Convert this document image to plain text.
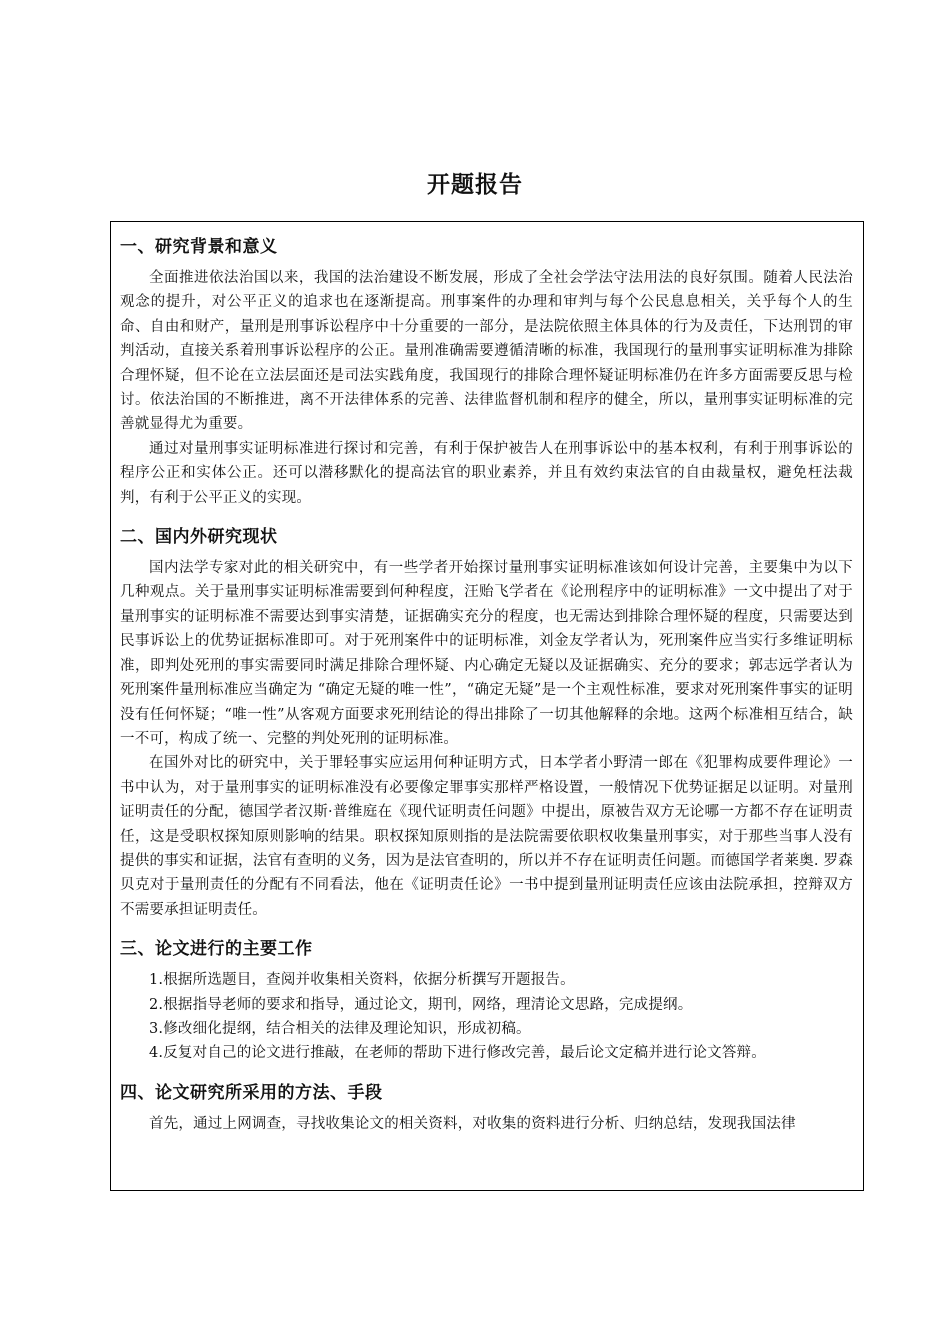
开题报告
一、研究背景和意义

全面推进依法治国以来，我国的法治建设不断发展，形成了全社会学法守法用法的良好氛围。随着人民法治观念的提升，对公平正义的追求也在逐渐提高。刑事案件的办理和审判与每个公民息息相关，关乎每个人的生命、自由和财产，量刑是刑事诉讼程序中十分重要的一部分，是法院依照主体具体的行为及责任，下达刑罚的审判活动，直接关系着刑事诉讼程序的公正。量刑准确需要遵循清晰的标准，我国现行的量刑事实证明标准为排除合理怀疑，但不论在立法层面还是司法实践角度，我国现行的排除合理怀疑证明标准仍在许多方面需要反思与检讨。依法治国的不断推进，离不开法律体系的完善、法律监督机制和程序的健全，所以，量刑事实证明标准的完善就显得尤为重要。

通过对量刑事实证明标准进行探讨和完善，有利于保护被告人在刑事诉讼中的基本权利，有利于刑事诉讼的程序公正和实体公正。还可以潜移默化的提高法官的职业素养，并且有效约束法官的自由裁量权，避免枉法裁判，有利于公平正义的实现。

二、国内外研究现状

国内法学专家对此的相关研究中，有一些学者开始探讨量刑事实证明标准该如何设计完善，主要集中为以下几种观点。关于量刑事实证明标准需要到何种程度，汪贻飞学者在《论刑程序中的证明标准》一文中提出了对于量刑事实的证明标准不需要达到事实清楚，证据确实充分的程度，也无需达到排除合理怀疑的程度，只需要达到民事诉讼上的优势证据标准即可。对于死刑案件中的证明标准，刘金友学者认为，死刑案件应当实行多维证明标准，即判处死刑的事实需要同时满足排除合理怀疑、内心确定无疑以及证据确实、充分的要求；郭志远学者认为死刑案件量刑标准应当确定为 “确定无疑的唯一性”，“确定无疑”是一个主观性标准，要求对死刑案件事实的证明没有任何怀疑；“唯一性”从客观方面要求死刑结论的得出排除了一切其他解释的余地。这两个标准相互结合，缺一不可，构成了统一、完整的判处死刑的证明标准。

在国外对比的研究中，关于罪轻事实应运用何种证明方式，日本学者小野清一郎在《犯罪构成要件理论》一书中认为，对于量刑事实的证明标准没有必要像定罪事实那样严格设置，一般情况下优势证据足以证明。对量刑证明责任的分配，德国学者汉斯·普维庭在《现代证明责任问题》中提出，原被告双方无论哪一方都不存在证明责任，这是受职权探知原则影响的结果。职权探知原则指的是法院需要依职权收集量刑事实，对于那些当事人没有提供的事实和证据，法官有查明的义务，因为是法官查明的，所以并不存在证明责任问题。而德国学者莱奥. 罗森贝克对于量刑责任的分配有不同看法，他在《证明责任论》一书中提到量刑证明责任应该由法院承担，控辩双方不需要承担证明责任。

三、论文进行的主要工作

1.根据所选题目，查阅并收集相关资料，依据分析撰写开题报告。

2.根据指导老师的要求和指导，通过论文，期刊，网络，理清论文思路，完成提纲。

3.修改细化提纲，结合相关的法律及理论知识，形成初稿。

4.反复对自己的论文进行推敲，在老师的帮助下进行修改完善，最后论文定稿并进行论文答辩。

四、论文研究所采用的方法、手段

首先，通过上网调查，寻找收集论文的相关资料，对收集的资料进行分析、归纳总结，发现我国法律
